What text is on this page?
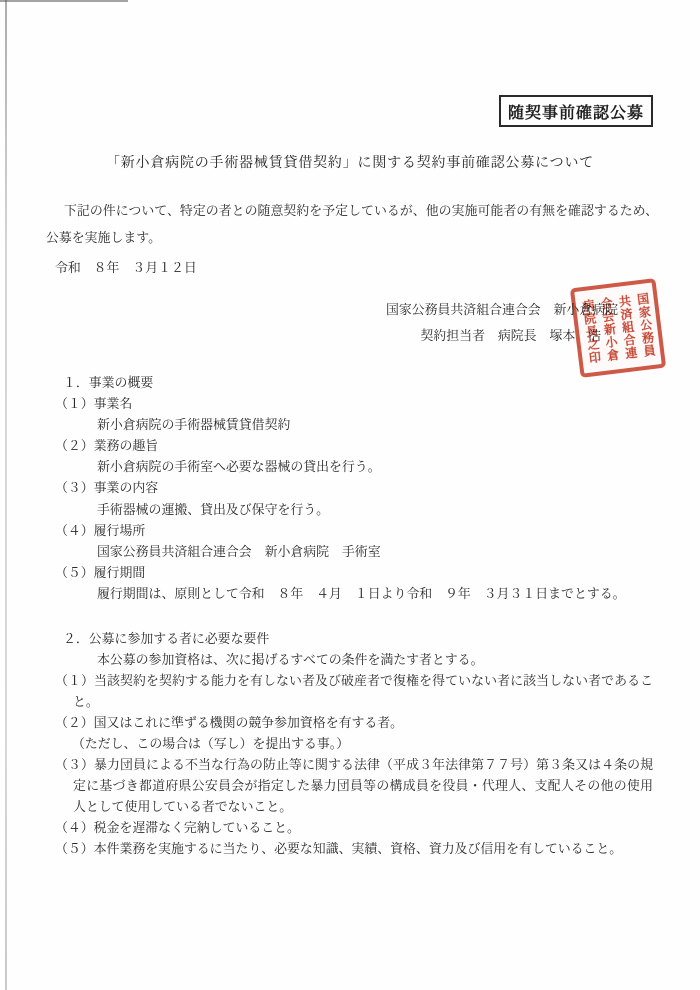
随契事前確認公募
「新小倉病院の手術器械賃貸借契約」に関する契約事前確認公募について

下記の件について、特定の者との随意契約を予定しているが、他の実施可能者の有無を確認するため、公募を実施します。

令和　８年　３月１２日
国家公務員共済組合連合会　新小倉病院
契約担当者　病院長　塚本　浩	国家公務員
共済組合連
合会新小倉
病院長之印
１．事業の概要
（１）事業名
新小倉病院の手術器械賃貸借契約
（２）業務の趣旨
新小倉病院の手術室へ必要な器械の貸出を行う。
（３）事業の内容
手術器械の運搬、貸出及び保守を行う。
（４）履行場所
国家公務員共済組合連合会　新小倉病院　手術室
（５）履行期間
履行期間は、原則として令和　８年　４月　１日より令和　９年　３月３１日までとする。
２．公募に参加する者に必要な要件
本公募の参加資格は、次に掲げるすべての条件を満たす者とする。
（１）当該契約を契約する能力を有しない者及び破産者で復権を得ていない者に該当しない者であること。
（２）国又はこれに準ずる機関の競争参加資格を有する者。
（ただし、この場合は（写し）を提出する事。）
（３）暴力団員による不当な行為の防止等に関する法律（平成３年法律第７７号）第３条又は４条の規定に基づき都道府県公安員会が指定した暴力団員等の構成員を役員・代理人、支配人その他の使用人として使用している者でないこと。
（４）税金を遅滞なく完納していること。
（５）本件業務を実施するに当たり、必要な知識、実績、資格、資力及び信用を有していること。
